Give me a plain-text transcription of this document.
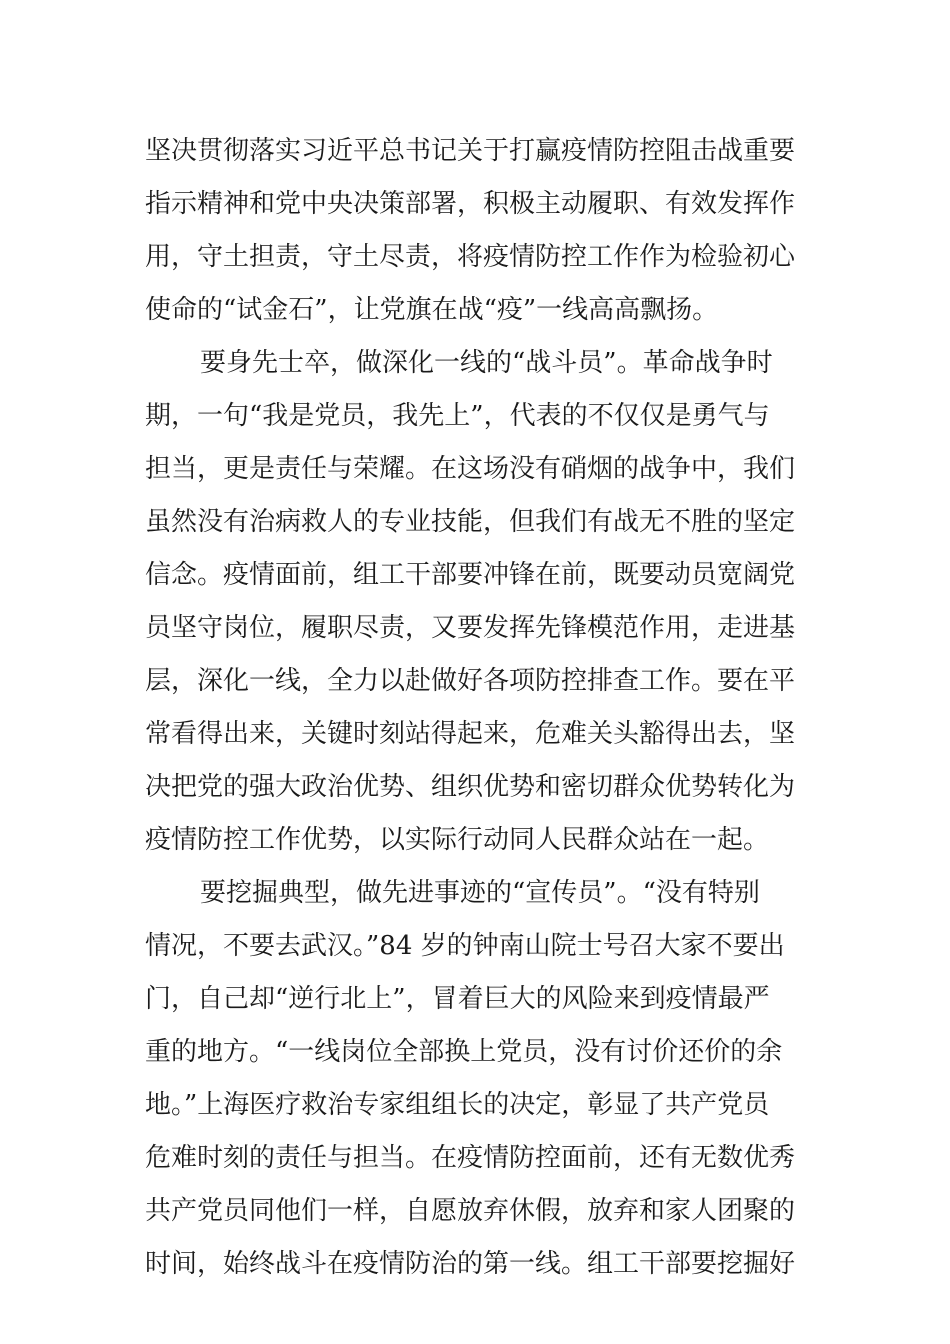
坚决贯彻落实习近平总书记关于打赢疫情防控阻击战重要
指示精神和党中央决策部署，积极主动履职、有效发挥作
用，守土担责，守土尽责，将疫情防控工作作为检验初心
使命的“试金石”，让党旗在战“疫”一线高高飘扬。
要身先士卒，做深化一线的“战斗员”。革命战争时
期，一句“我是党员，我先上”，代表的不仅仅是勇气与
担当，更是责任与荣耀。在这场没有硝烟的战争中，我们
虽然没有治病救人的专业技能，但我们有战无不胜的坚定
信念。疫情面前，组工干部要冲锋在前，既要动员宽阔党
员坚守岗位，履职尽责，又要发挥先锋模范作用，走进基
层，深化一线，全力以赴做好各项防控排查工作。要在平
常看得出来，关键时刻站得起来，危难关头豁得出去，坚
决把党的强大政治优势、组织优势和密切群众优势转化为
疫情防控工作优势，以实际行动同人民群众站在一起。
要挖掘典型，做先进事迹的“宣传员”。“没有特别
情况，不要去武汉。”84 岁的钟南山院士号召大家不要出
门，自己却“逆行北上”，冒着巨大的风险来到疫情最严
重的地方。“一线岗位全部换上党员，没有讨价还价的余
地。”上海医疗救治专家组组长的决定，彰显了共产党员
危难时刻的责任与担当。在疫情防控面前，还有无数优秀
共产党员同他们一样，自愿放弃休假，放弃和家人团聚的
时间，始终战斗在疫情防治的第一线。组工干部要挖掘好
